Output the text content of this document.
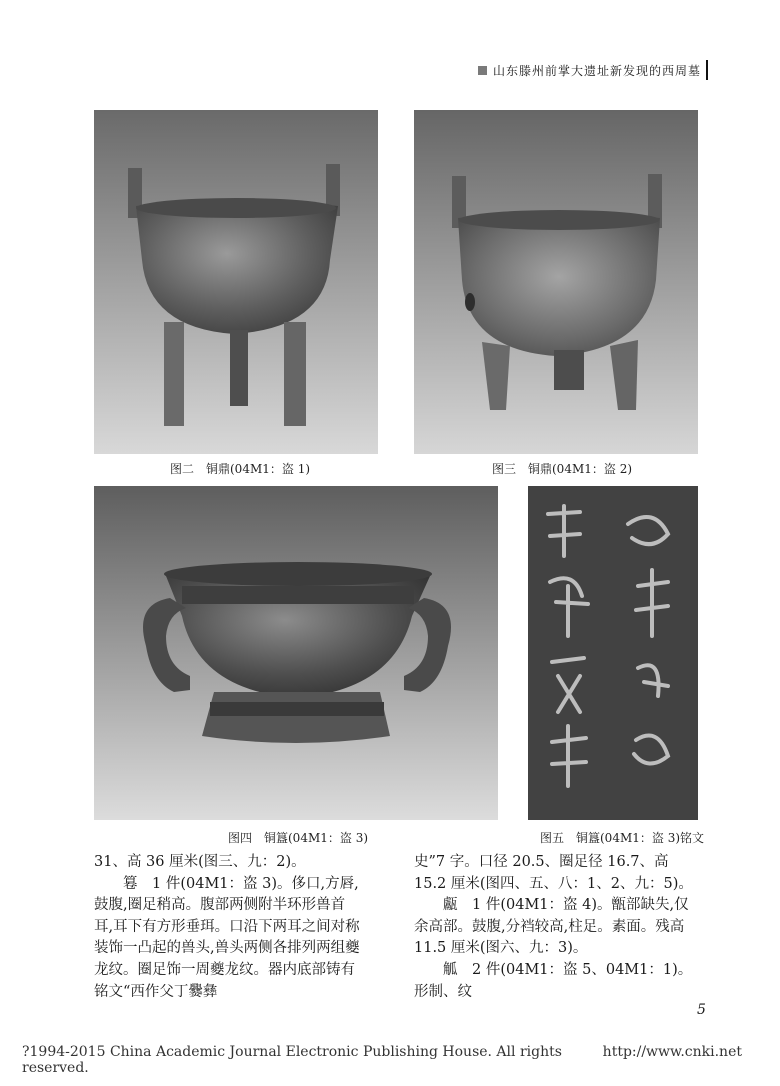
山东滕州前掌大遗址新发现的西周墓
图二　铜鼎(04M1：盗 1)	图三　铜鼎(04M1：盗 2)
图四　铜簋(04M1：盗 3)	图五　铜簋(04M1：盗 3)铭文

31、高 36 厘米(图三、九：2)。

篹　1 件(04M1：盗 3)。侈口,方唇,鼓腹,圈足稍高。腹部两侧附半环形兽首耳,耳下有方形垂珥。口沿下两耳之间对称装饰一凸起的兽头,兽头两侧各排列两组夔龙纹。圈足饰一周夔龙纹。器内底部铸有铭文“西作父丁爨彝

史”7 字。口径 20.5、圈足径 16.7、高 15.2 厘米(图四、五、八：1、2、九：5)。

甗　1 件(04M1：盗 4)。甑部缺失,仅余高部。鼓腹,分裆较高,柱足。素面。残高 11.5 厘米(图六、九：3)。

觚　2 件(04M1：盗 5、04M1：1)。形制、纹

5
?1994-2015 China Academic Journal Electronic Publishing House. All rights reserved.
http://www.cnki.net
